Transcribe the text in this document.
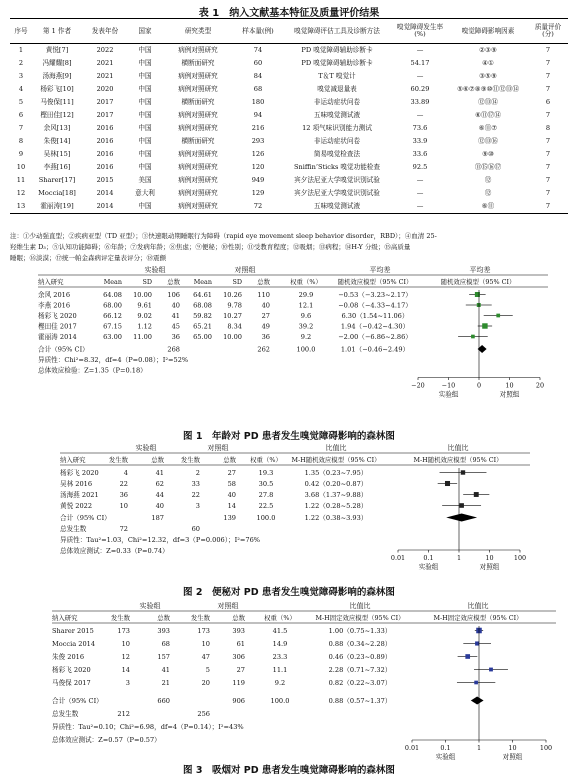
表 1　纳入文献基本特征及质量评价结果
序号	第 1 作者	发表年份	国家	研究类型	样本量(例)	嗅觉障碍评估工具及诊断方法	嗅觉障碍发生率(%)	嗅觉障碍影响因素	质量评价(分)
1	黄悦[7]	2022	中国	病例对照研究	74	PD 嗅觉障碍辅助诊断卡	—	②③⑨	7
2	冯耀耀[8]	2021	中国	横断面研究	60	PD 嗅觉障碍辅助诊断卡	54.17	④①	7
3	汤海燕[9]	2021	中国	病例对照研究	84	T＆T 嗅觉计	—	③⑤⑨	7
4	杨彩飞[10]	2020	中国	病例对照研究	68	嗅觉减退量表	60.29	⑤⑥⑦⑧⑨⑩⑪⑫⑬⑭	7
5	马俊保[11]	2017	中国	横断面研究	180	非运动症状问卷	33.89	⑫⑬⑭	6
6	樫田佳[12]	2017	中国	病例对照研究	94	五味嗅觉测试液	—	⑥⑪⑰⑭	7
7	余风[13]	2016	中国	病例对照研究	216	12 项气味识别能力测试	73.6	⑥⑪⑦	8
8	朱俊[14]	2016	中国	横断面研究	293	非运动症状问卷	33.9	⑫⑬⑯	7
9	吴林[15]	2016	中国	病例对照研究	126	简易嗅觉检查法	33.6	⑨⑩	7
10	李燕[16]	2016	中国	病例对照研究	120	Sniffin’Sticks 嗅觉功能检查	92.5	⑪⑮⑯⑰	7
11	Sharer[17]	2015	美国	病例对照研究	949	宾夕法尼亚大学嗅觉识别试验	—	⑫	7
12	Moccia[18]	2014	意大利	病例对照研究	129	宾夕法尼亚大学嗅觉识别试验	—	⑫	7
13	霍丽涛[19]	2014	中国	病例对照研究	72	五味嗅觉测试液	—	⑥⑪	7
注：①少动强直型；②疾病亚型（TD 亚型）；③快速眼动期睡眠行为障碍（rapid eye movement sleep behavior disorder，RBD）；④血清 25-
羟维生素 D₃；⑤认知功能障碍；⑥年龄；⑦发病年龄；⑧焦虑；⑨便秘；⑩性别；⑪受教育程度；⑫吸烟；⑬病程；⑭H-Y 分级；⑮高质量
睡眠；⑯淡漠；⑰统一帕金森病评定量表评分；⑱震颤
实验组	对照组	平均差	平均差
纳入研究	Mean	SD 总数 Mean	SD 总数	权重（%） 随机效应模型（95% CI）	随机效应模型（95% CI）
余风 2016	64.08 10.00 106 64.61 10.26 110	29.9	−0.53（−3.23~2.17）
李燕 2016	68.00 9.61	40 68.08 9.78	40	12.1	−0.08（−4.33~4.17）
杨彩飞 2020	66.12 9.02	41 59.82 10.27	27	9.6	6.30（1.54~11.06）
樫田佳 2017	67.15 1.12	45 65.21 8.34	49	39.2	1.94（−0.42~4.30）
霍丽涛 2014	63.00 11.00	36 65.00 10.00	36	9.2	−2.00（−6.86~2.86）
合计（95% CI）	268	262	100.0	1.01（−0.46~2.49）
异质性：Chi²=8.32，df=4（P=0.08）；I²=52%
总体效应检验：Z=1.35（P=0.18）
−20	−10	0	10	20
实验组	对照组
图 1　年龄对 PD 患者发生嗅觉障碍影响的森林图
实验组	对照组	比值比	比值比
纳入研究	发生数	总数	发生数	总数 权重（%） M-H随机效应模型（95% CI）	M-H随机效应模型（95% CI）
杨彩飞 2020	4	41	2	27	19.3	1.35（0.23~7.95）
吴林 2016	22	62	33	58	30.5	0.42（0.20~0.87）
汤海燕 2021	36	44	22	40	27.8	3.68（1.37~9.88）
黄悦 2022	10	40	3	14	22.5	1.22（0.28~5.28）
合计（95% CI）	187	139	100.0	1.22（0.38~3.93）
总发生数	72	60
异质性：Tau²=1.03，Chi²=12.32，df=3（P=0.006）；I²=76%
总体效应测试：Z=0.33（P=0.74）
0.01	0.1	1	10	100
实验组	对照组
图 2　便秘对 PD 患者发生嗅觉障碍影响的森林图
实验组	对照组	比值比	比值比
纳入研究	发生数	总数	发生数	总数	权重（%）	M-H固定效应模型（95% CI）	M-H固定效应模型（95% CI）
Sharer 2015	173	393	173	393	41.5	1.00（0.75~1.33）
Moccia 2014	10	68	10	61	14.9	0.88（0.34~2.28）
朱俊 2016	12	157	47	306	23.3	0.46（0.23~0.89）
杨彩飞 2020	14	41	5	27	11.1	2.28（0.71~7.32）
马俊保 2017	3	21	20	119	9.2	0.82（0.22~3.07）
合计（95% CI）	660	906	100.0	0.88（0.57~1.37）
总发生数	212	256
异质性：Tau²=0.10；Chi²=6.98，df=4（P=0.14）；I²=43%
总体效应测试：Z=0.57（P=0.57）
0.01	0.1	1	10	100
实验组	对照组
图 3　吸烟对 PD 患者发生嗅觉障碍影响的森林图
